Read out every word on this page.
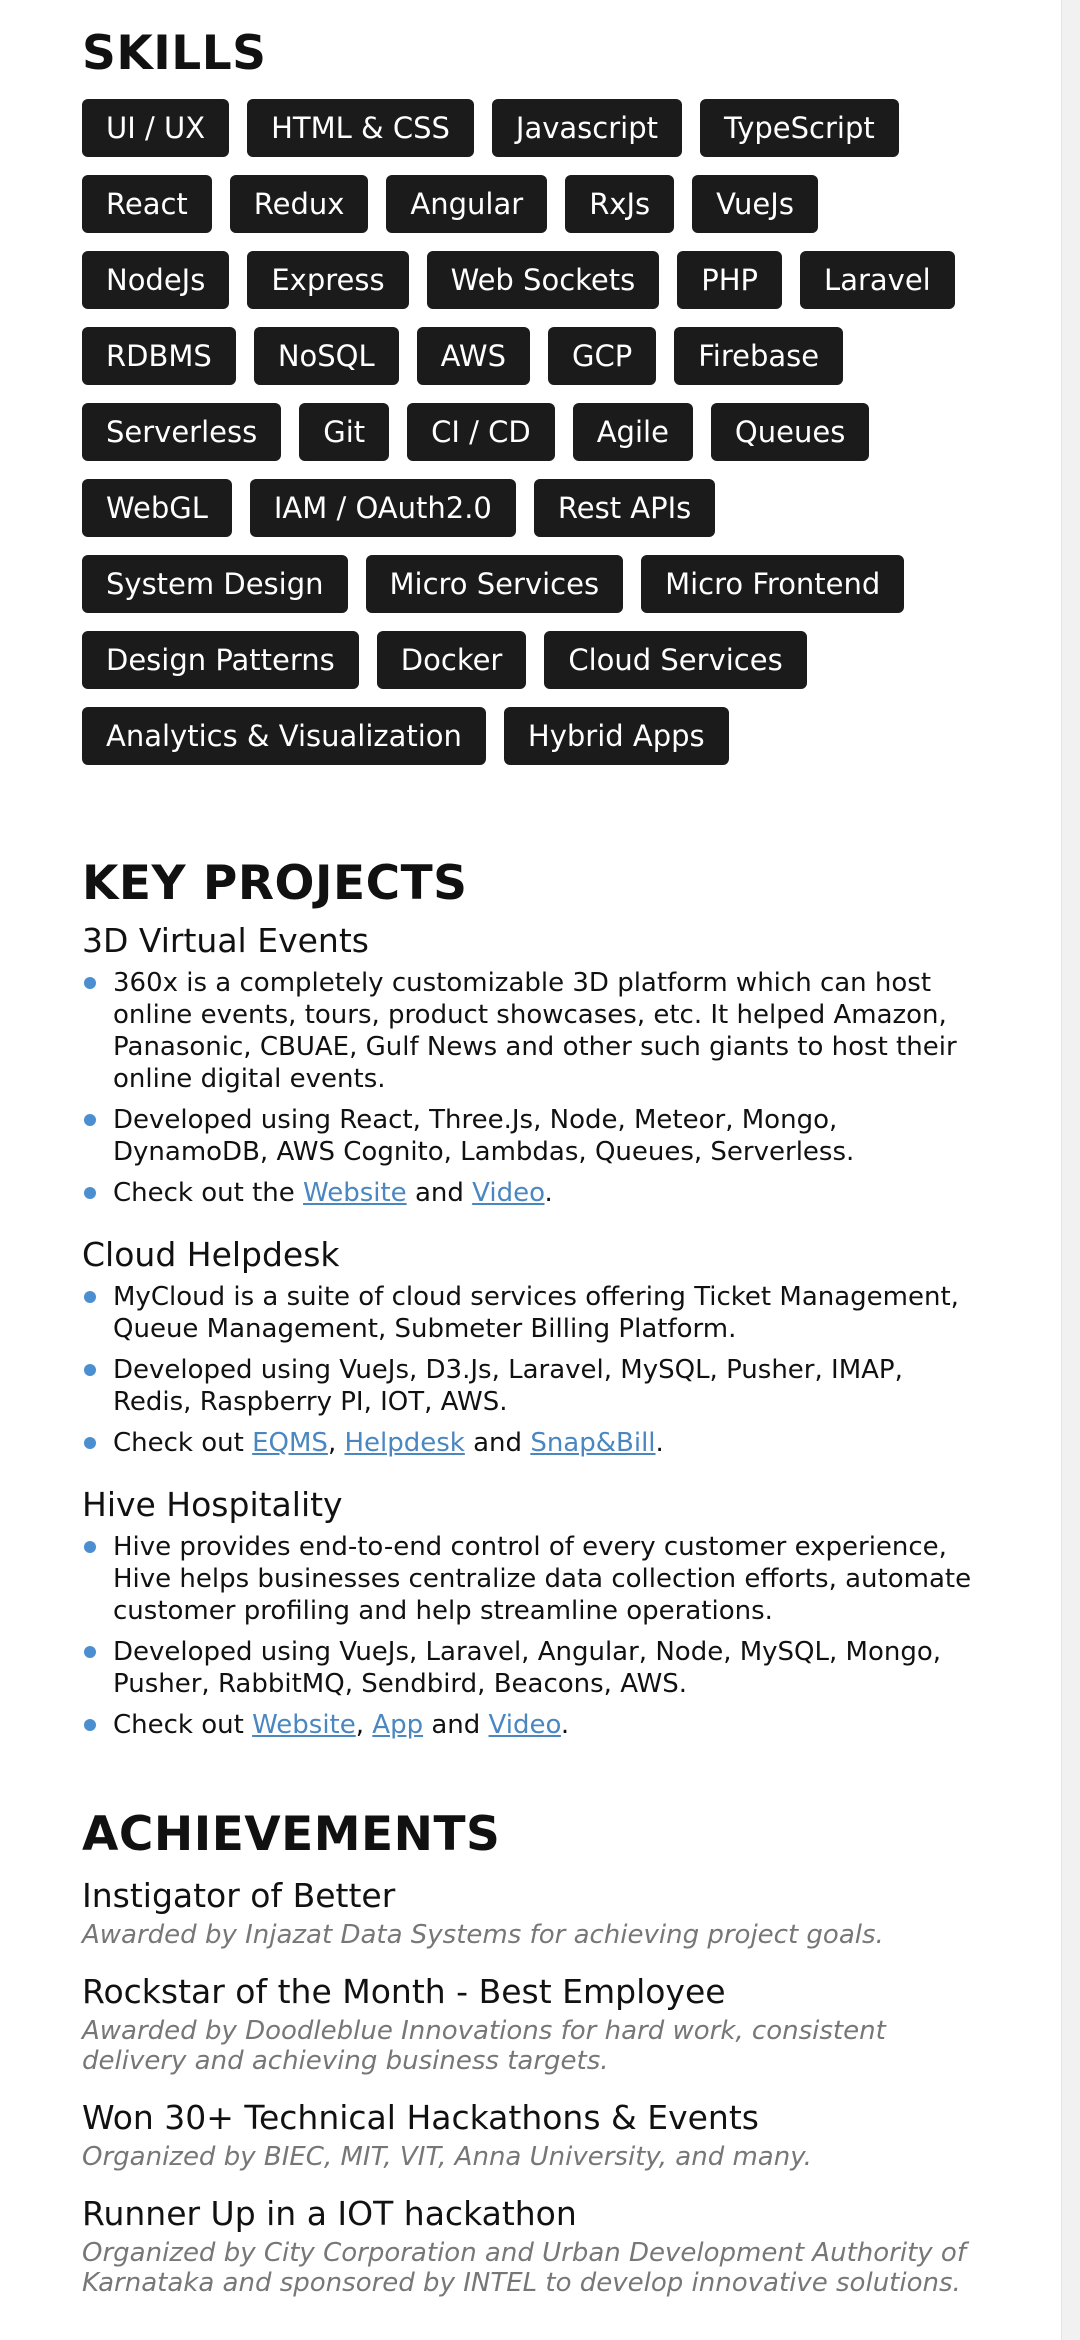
SKILLS
UI / UX	HTML & CSS	Javascript	TypeScript
React	Redux	Angular	RxJs	VueJs
NodeJs	Express	Web Sockets	PHP	Laravel
RDBMS	NoSQL	AWS	GCP	Firebase
Serverless	Git	CI / CD	Agile	Queues
WebGL	IAM / OAuth2.0	Rest APIs
System Design	Micro Services	Micro Frontend
Design Patterns	Docker	Cloud Services
Analytics & Visualization	Hybrid Apps
KEY PROJECTS
3D Virtual Events
360x is a completely customizable 3D platform which can host online events, tours, product showcases, etc. It helped Amazon, Panasonic, CBUAE, Gulf News and other such giants to host their online digital events.
Developed using React, Three.Js, Node, Meteor, Mongo, DynamoDB, AWS Cognito, Lambdas, Queues, Serverless.
Check out the Website and Video.
Cloud Helpdesk
MyCloud is a suite of cloud services offering Ticket Management, Queue Management, Submeter Billing Platform.
Developed using VueJs, D3.Js, Laravel, MySQL, Pusher, IMAP, Redis, Raspberry PI, IOT, AWS.
Check out EQMS, Helpdesk and Snap&Bill.
Hive Hospitality
Hive provides end-to-end control of every customer experience, Hive helps businesses centralize data collection efforts, automate customer profiling and help streamline operations.
Developed using VueJs, Laravel, Angular, Node, MySQL, Mongo, Pusher, RabbitMQ, Sendbird, Beacons, AWS.
Check out Website, App and Video.
ACHIEVEMENTS
Instigator of Better

Awarded by Injazat Data Systems for achieving project goals.

Rockstar of the Month - Best Employee

Awarded by Doodleblue Innovations for hard work, consistent delivery and achieving business targets.

Won 30+ Technical Hackathons & Events

Organized by BIEC, MIT, VIT, Anna University, and many.

Runner Up in a IOT hackathon

Organized by City Corporation and Urban Development Authority of Karnataka and sponsored by INTEL to develop innovative solutions.
